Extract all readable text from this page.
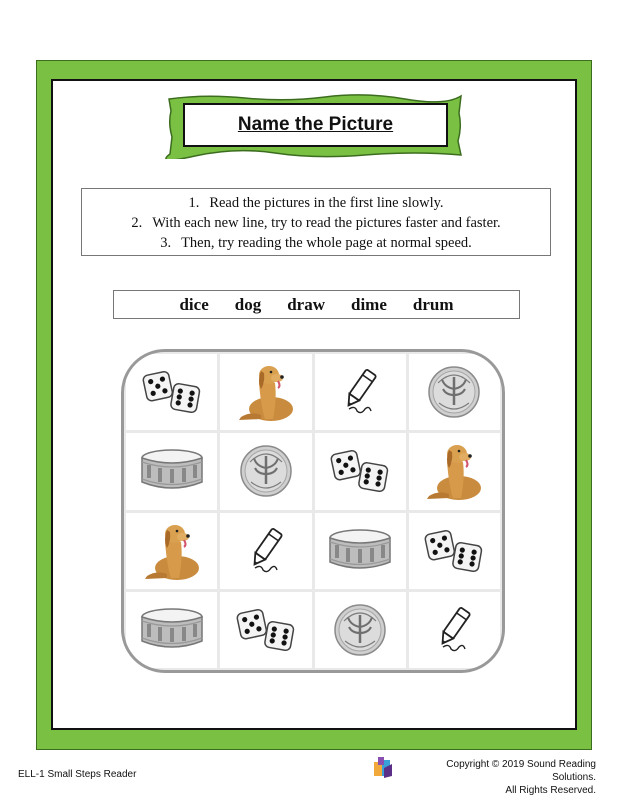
Name the Picture
1. Read the pictures in the first line slowly.
2. With each new line, try to read the pictures faster and faster.
3. Then, try reading the whole page at normal speed.
dice dog draw dime drum
ELL-1 Small Steps Reader
Copyright © 2019 Sound Reading Solutions.
All Rights Reserved.
